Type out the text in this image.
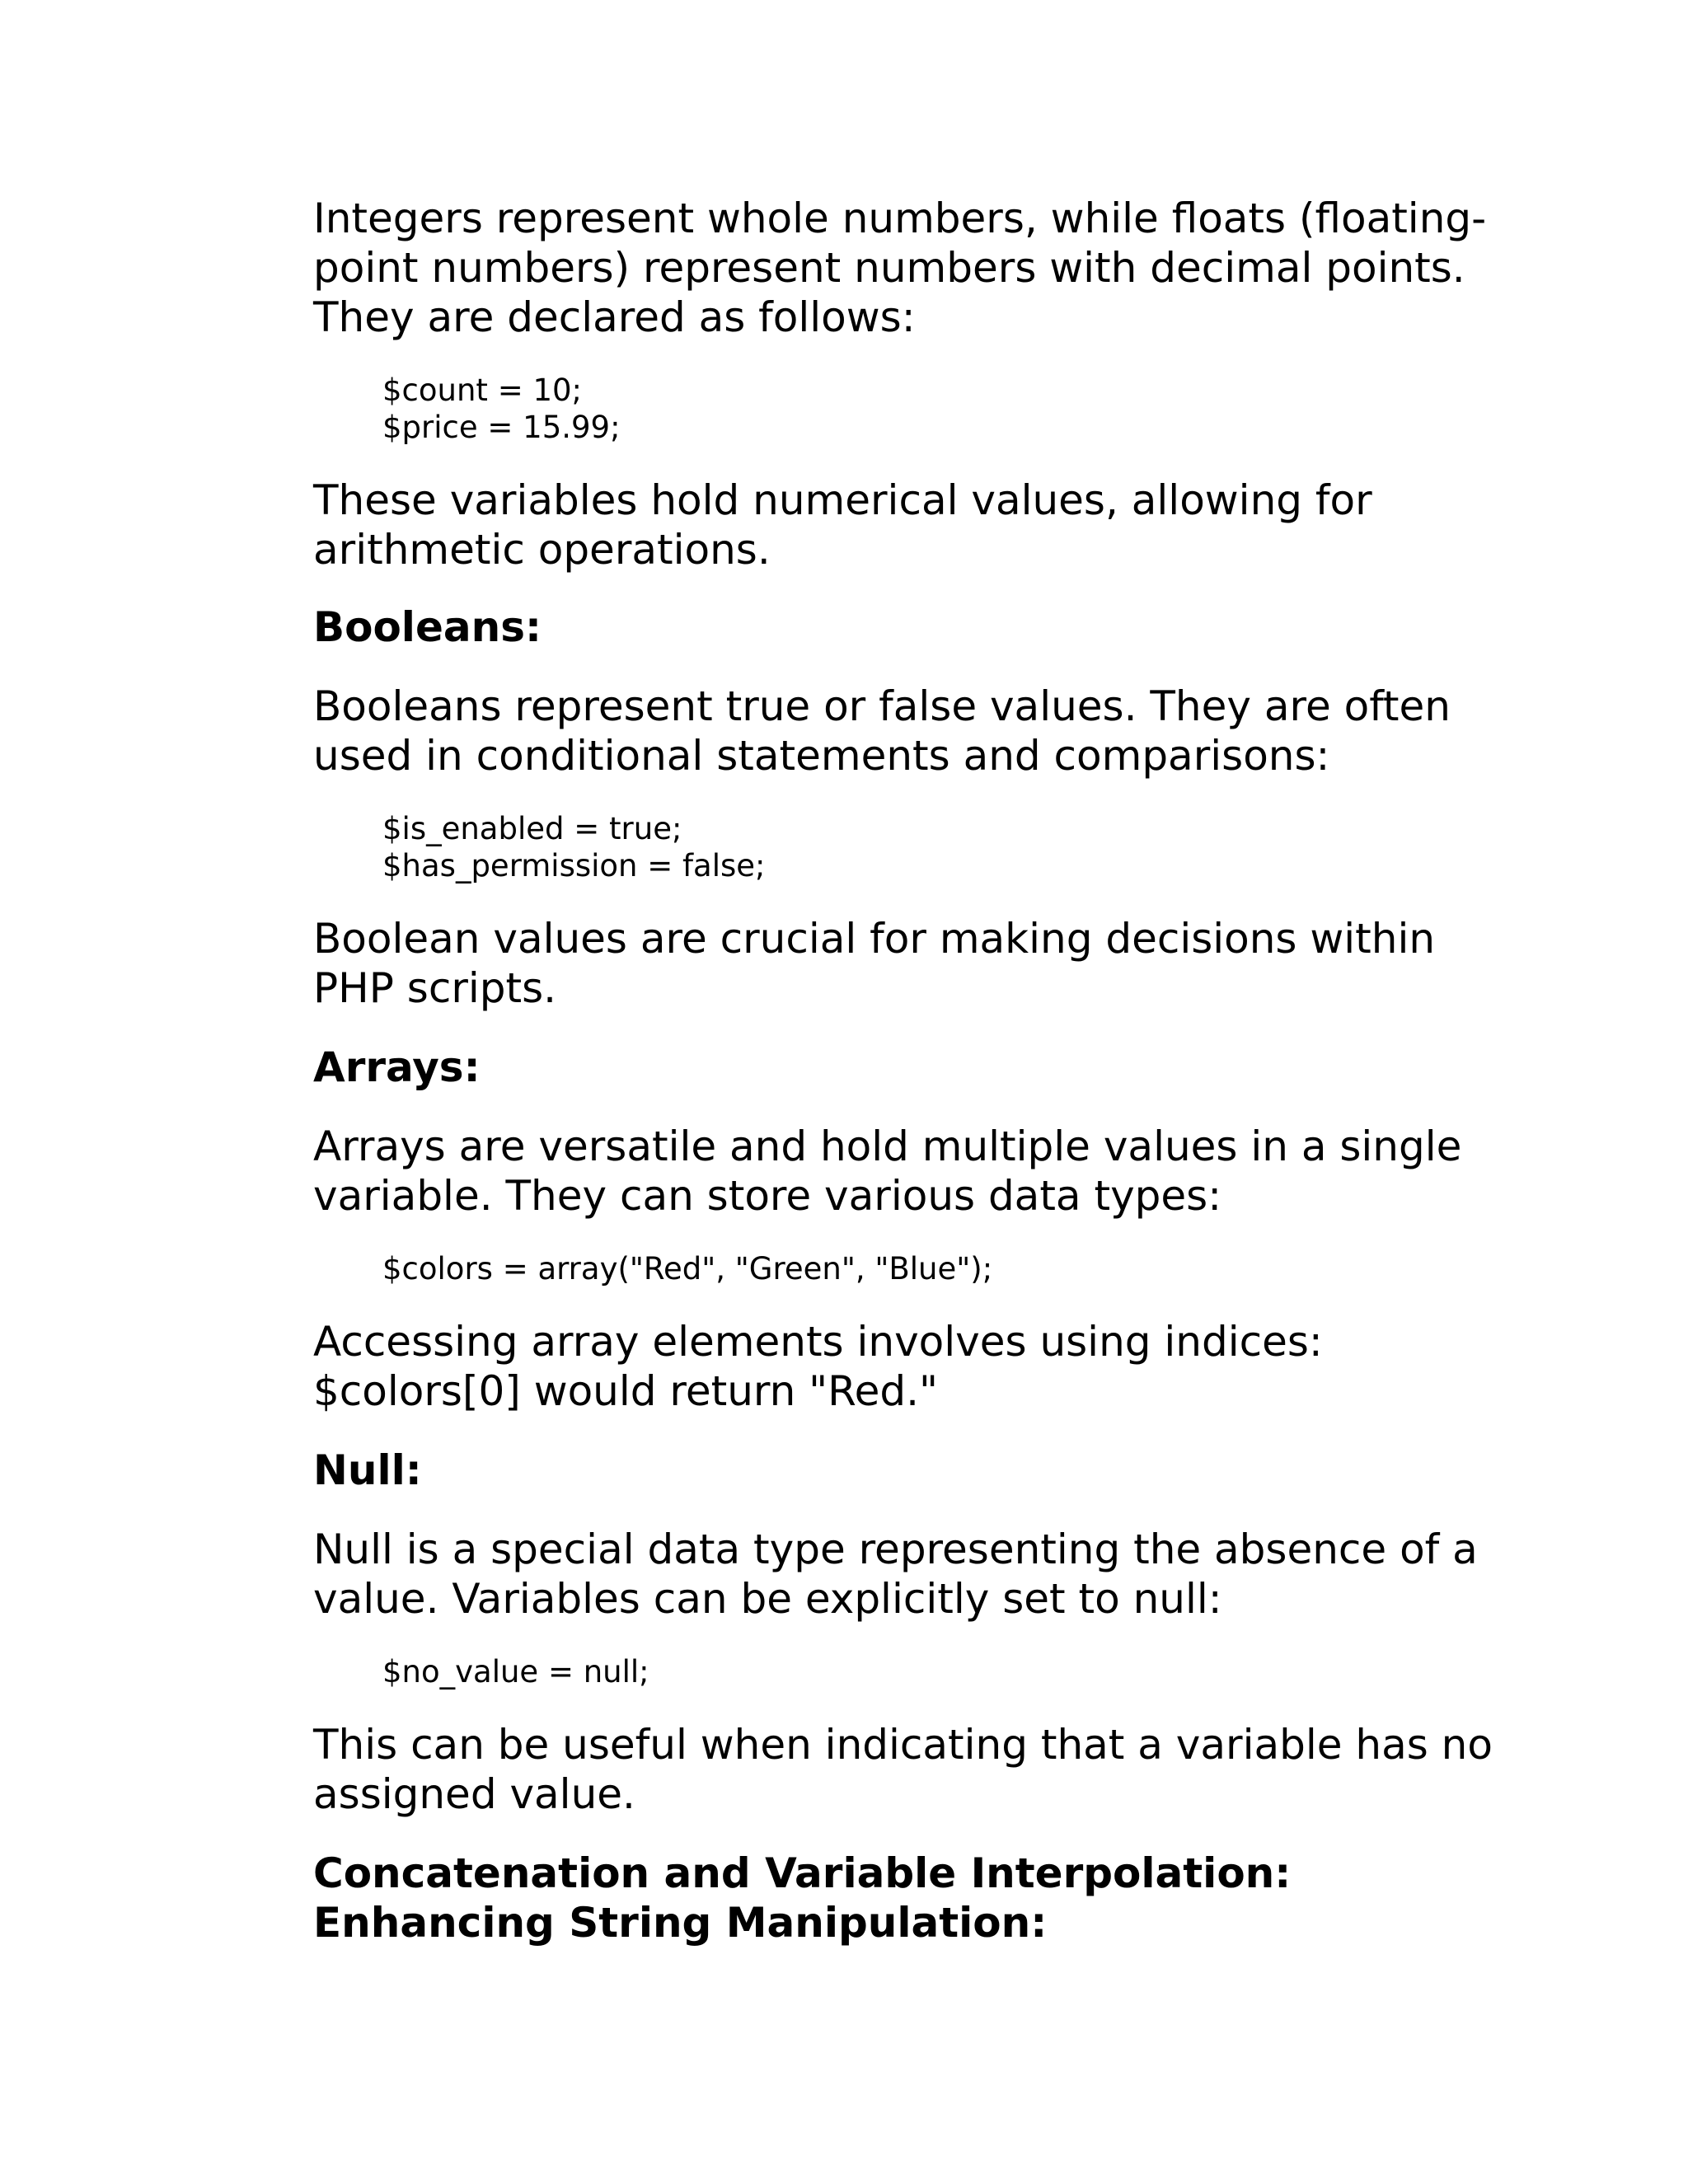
Integers represent whole numbers, while floats (floating-point numbers) represent numbers with decimal points. They are declared as follows:

$count = 10;
$price = 15.99;

These variables hold numerical values, allowing for arithmetic operations.

Booleans:

Booleans represent true or false values. They are often used in conditional statements and comparisons:

$is_enabled = true;
$has_permission = false;

Boolean values are crucial for making decisions within PHP scripts.

Arrays:

Arrays are versatile and hold multiple values in a single variable. They can store various data types:

$colors = array("Red", "Green", "Blue");

Accessing array elements involves using indices: $colors[0] would return "Red."

Null:

Null is a special data type representing the absence of a value. Variables can be explicitly set to null:

$no_value = null;

This can be useful when indicating that a variable has no assigned value.

Concatenation and Variable Interpolation: Enhancing String Manipulation:
